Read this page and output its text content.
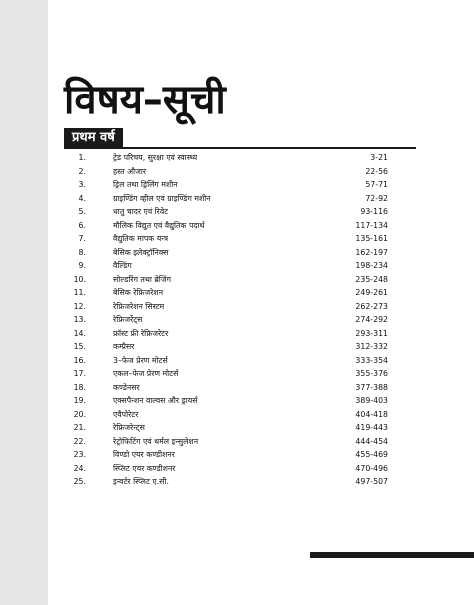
विषय–सूची
प्रथम वर्ष
1.	ट्रेड परिचय, सुरक्षा एवं स्वास्थ्य	3-21
2.	हस्त औजार	22-56
3.	ड्रिल तथा ड्रिलिंग मशीन	57-71
4.	ग्राइण्डिंग व्हील एवं ग्राइण्डिंग मशीन	72-92
5.	धातु चादर एवं रिवेट	93-116
6.	मौलिक विद्युत एवं वैद्युतिक पदार्थ	117-134
7.	वैद्युतिक मापक यन्त्र	135-161
8.	बेसिक इलेक्ट्रॉनिक्स	162-197
9.	वैल्डिंग	198-234
10.	सोल्डरिंग तथा ब्रेजिंग	235-248
11.	बेसिक रेफ्रिजरेशन	249-261
12.	रेफ्रिजरेशन सिस्टम	262-273
13.	रेफ्रिजरेंट्स	274-292
14.	फ्रॉस्ट फ्री रेफ्रिजरेटर	293-311
15.	कम्प्रैसर	312-332
16.	3–फेज प्रेरण मोटर्स	333-354
17.	एकल–फेज प्रेरण मोटर्स	355-376
18.	कण्डेनसर	377-388
19.	एक्सपैन्शन वाल्वस और ड्रायर्स	389-403
20.	एवैपोरेटर	404-418
21.	रेफ्रिजरेन्ट्स	419-443
22.	रेट्रोफिटिंग एवं थर्मल इन्सुलेशन	444-454
23.	विण्डो एयर कण्डीशनर	455-469
24.	स्प्लिट एयर कण्डीशनर	470-496
25.	इन्वर्टर स्प्लिट ए.सी.	497-507
